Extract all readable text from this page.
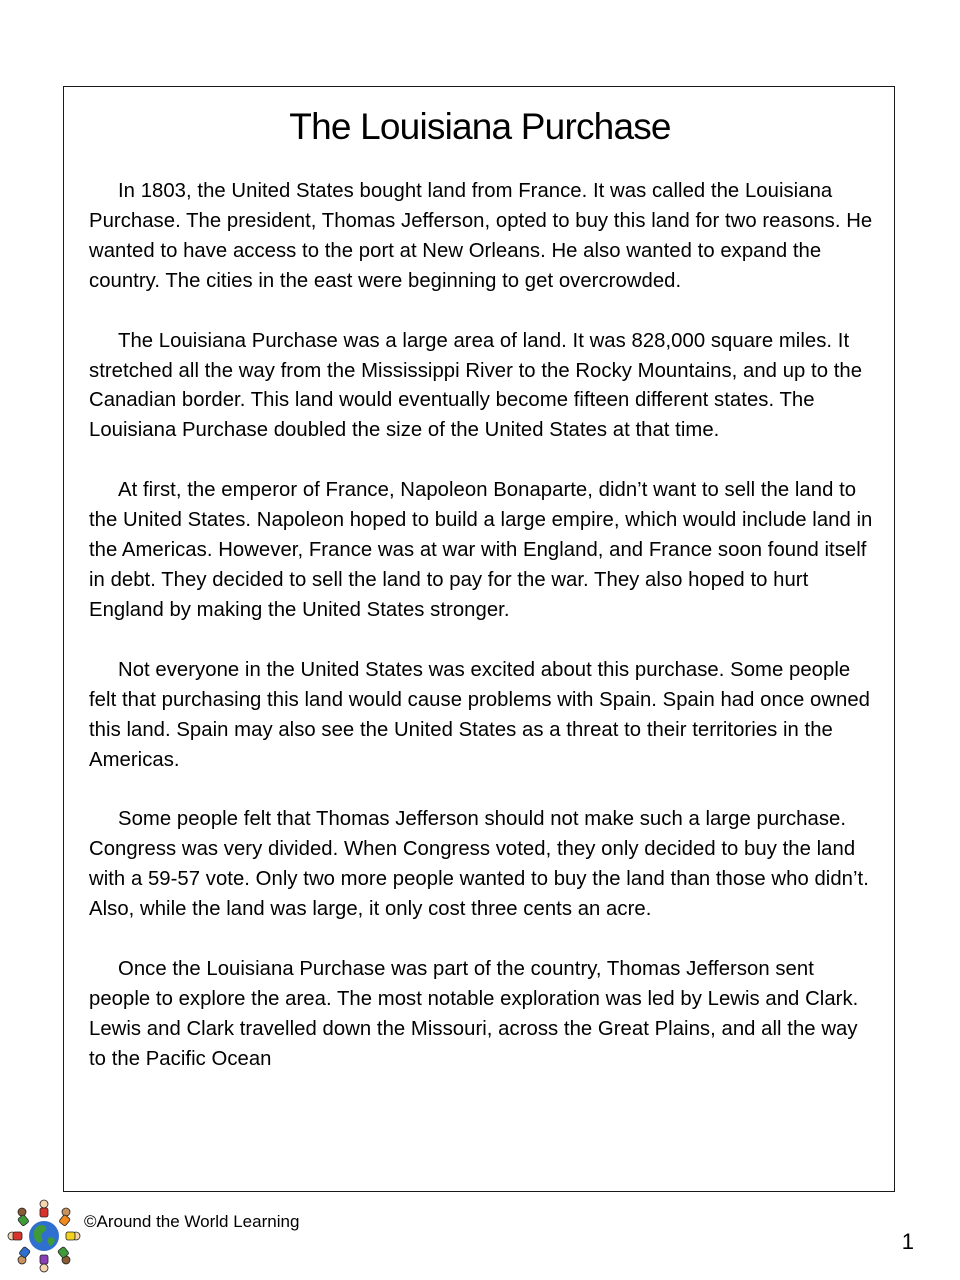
The Louisiana Purchase

In 1803, the United States bought land from France. It was called the Louisiana Purchase. The president, Thomas Jefferson, opted to buy this land for two reasons. He wanted to have access to the port at New Orleans. He also wanted to expand the country. The cities in the east were beginning to get overcrowded.

The Louisiana Purchase was a large area of land. It was 828,000 square miles. It stretched all the way from the Mississippi River to the Rocky Mountains, and up to the Canadian border. This land would eventually become fifteen different states. The Louisiana Purchase doubled the size of the United States at that time.

At first, the emperor of France, Napoleon Bonaparte, didn’t want to sell the land to the United States. Napoleon hoped to build a large empire, which would include land in the Americas. However, France was at war with England, and France soon found itself in debt. They decided to sell the land to pay for the war. They also hoped to hurt England by making the United States stronger.

Not everyone in the United States was excited about this purchase. Some people felt that purchasing this land would cause problems with Spain. Spain had once owned this land. Spain may also see the United States as a threat to their territories in the Americas.

Some people felt that Thomas Jefferson should not make such a large purchase. Congress was very divided. When Congress voted, they only decided to buy the land with a 59-57 vote. Only two more people wanted to buy the land than those who didn’t. Also, while the land was large, it only cost three cents an acre.

Once the Louisiana Purchase was part of the country, Thomas Jefferson sent people to explore the area. The most notable exploration was led by Lewis and Clark. Lewis and Clark travelled down the Missouri, across the Great Plains, and all the way to the Pacific Ocean

©Around the World Learning
1
